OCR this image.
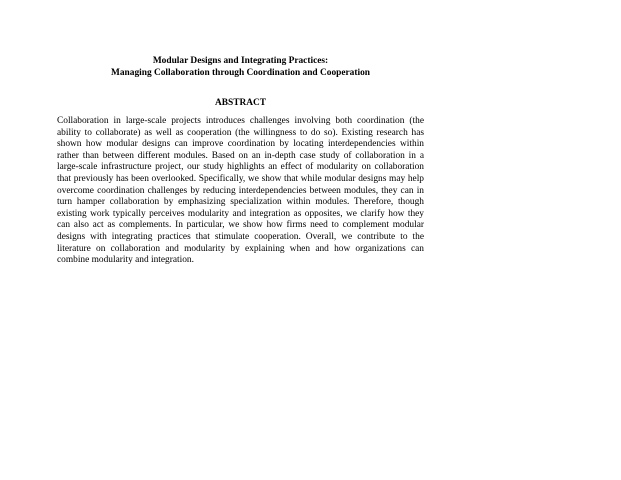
Modular Designs and Integrating Practices:
Managing Collaboration through Coordination and Cooperation
ABSTRACT

Collaboration in large-scale projects introduces challenges involving both coordination (the ability to collaborate) as well as cooperation (the willingness to do so). Existing research has shown how modular designs can improve coordination by locating interdependencies within rather than between different modules. Based on an in-depth case study of collaboration in a large-scale infrastructure project, our study highlights an effect of modularity on collaboration that previously has been overlooked. Specifically, we show that while modular designs may help overcome coordination challenges by reducing interdependencies between modules, they can in turn hamper collaboration by emphasizing specialization within modules. Therefore, though existing work typically perceives modularity and integration as opposites, we clarify how they can also act as complements. In particular, we show how firms need to complement modular designs with integrating practices that stimulate cooperation. Overall, we contribute to the literature on collaboration and modularity by explaining when and how organizations can combine modularity and integration.
